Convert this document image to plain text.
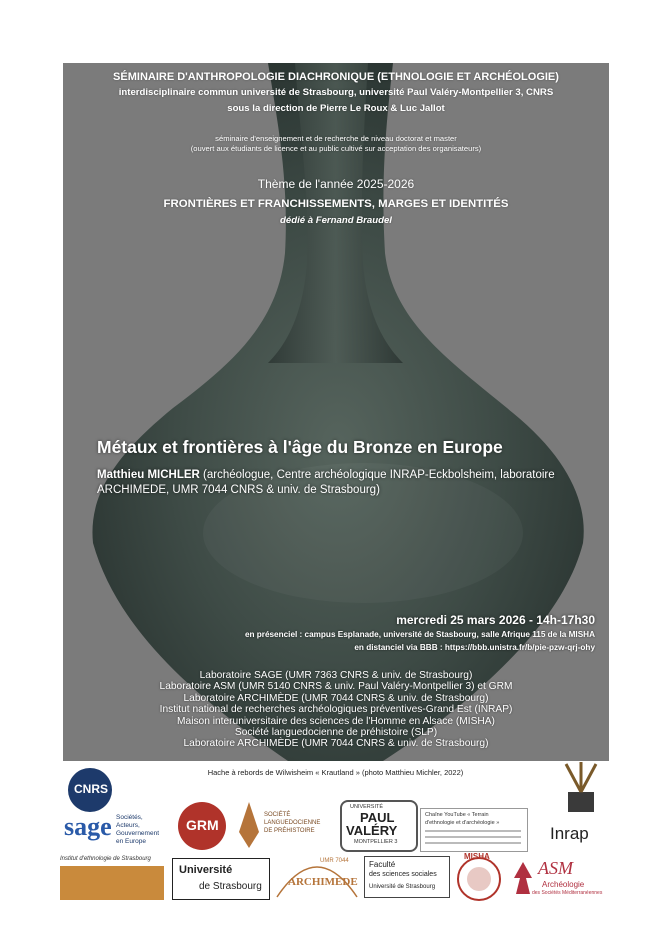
SÉMINAIRE D'ANTHROPOLOGIE DIACHRONIQUE (ETHNOLOGIE ET ARCHÉOLOGIE)
interdisciplinaire commun université de Strasbourg, université Paul Valéry-Montpellier 3, CNRS
sous la direction de Pierre Le Roux & Luc Jallot
séminaire d'enseignement et de recherche de niveau doctorat et master
(ouvert aux étudiants de licence et au public cultivé sur acceptation des organisateurs)
Thème de l'année 2025-2026
FRONTIÈRES ET FRANCHISSEMENTS, MARGES ET IDENTITÉS
dédié à Fernand Braudel
Métaux et frontières à l'âge du Bronze en Europe
Matthieu MICHLER (archéologue, Centre archéologique INRAP-Eckbolsheim, laboratoire ARCHIMEDE, UMR 7044 CNRS & univ. de Strasbourg)
mercredi 25 mars 2026 - 14h-17h30
en présenciel : campus Esplanade, université de Stasbourg, salle Afrique 115 de la MISHA
en distanciel via BBB : https://bbb.unistra.fr/b/pie-pzw-qrj-ohy
Laboratoire SAGE (UMR 7363 CNRS & univ. de Strasbourg)
Laboratoire ASM (UMR 5140 CNRS & univ. Paul Valéry-Montpellier 3) et GRM
Laboratoire ARCHIMÈDE (UMR 7044 CNRS & univ. de Strasbourg)
Institut national de recherches archéologiques préventives-Grand Est (INRAP)
Maison interuniversitaire des sciences de l'Homme en Alsace (MISHA)
Société languedocienne de préhistoire (SLP)
Laboratoire ARCHIMÈDE (UMR 7044 CNRS & univ. de Strasbourg)
Hache à rebords de Wilwisheim « Krautland » (photo Matthieu Michler, 2022)
CNRS
sage Sociétés,
Acteurs,
Gouvernement
en Europe
GRM
SOCIÉTÉ
LANGUEDOCIENNE
DE PRÉHISTOIRE
UNIVERSITÉ
PAUL
VALÉRY
MONTPELLIER 3
Chaîne YouTube « Terrain
d'ethnologie et d'archéologie »
Inrap
Institut d'ethnologie de Strasbourg
Université
de Strasbourg
UMR 7044
ARCHIMEDE
Faculté
des sciences sociales
Université de Strasbourg
MISHA
ASM
Archéologie
des Sociétés Méditerranéennes
